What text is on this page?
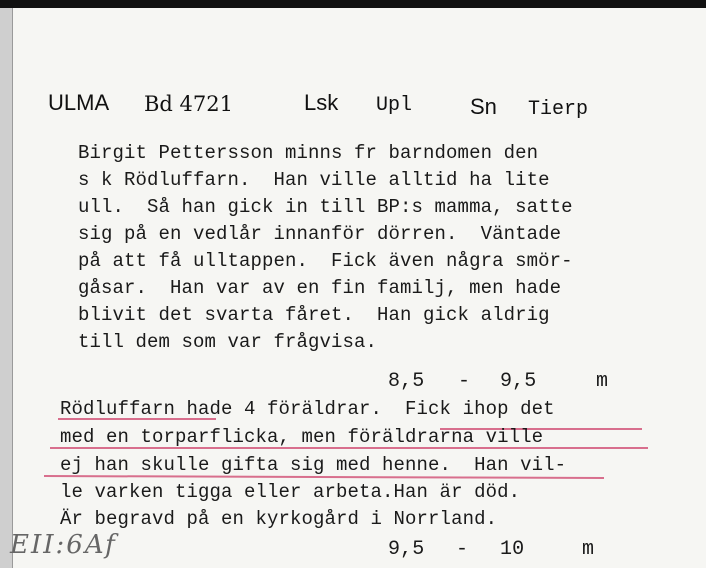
ULMA Bd 4721	Lsk Upl	Sn Tierp
Birgit Pettersson minns fr barndomen den
s k Rödluffarn.  Han ville alltid ha lite
ull.  Så han gick in till BP:s mamma, satte
sig på en vedlår innanför dörren.  Väntade
på att få ulltappen.  Fick även några smör-
gåsar.  Han var av en fin familj, men hade
blivit det svarta fåret.  Han gick aldrig
till dem som var frågvisa.
8,5 - 9,5	m
Rödluffarn hade 4 föräldrar.  Fick ihop det
med en torparflicka, men föräldrarna ville
ej han skulle gifta sig med henne.  Han vil-
le varken tigga eller arbeta.Han är död.
Är begravd på en kyrkogård i Norrland.
EII:6Af	9,5 - 10	m
